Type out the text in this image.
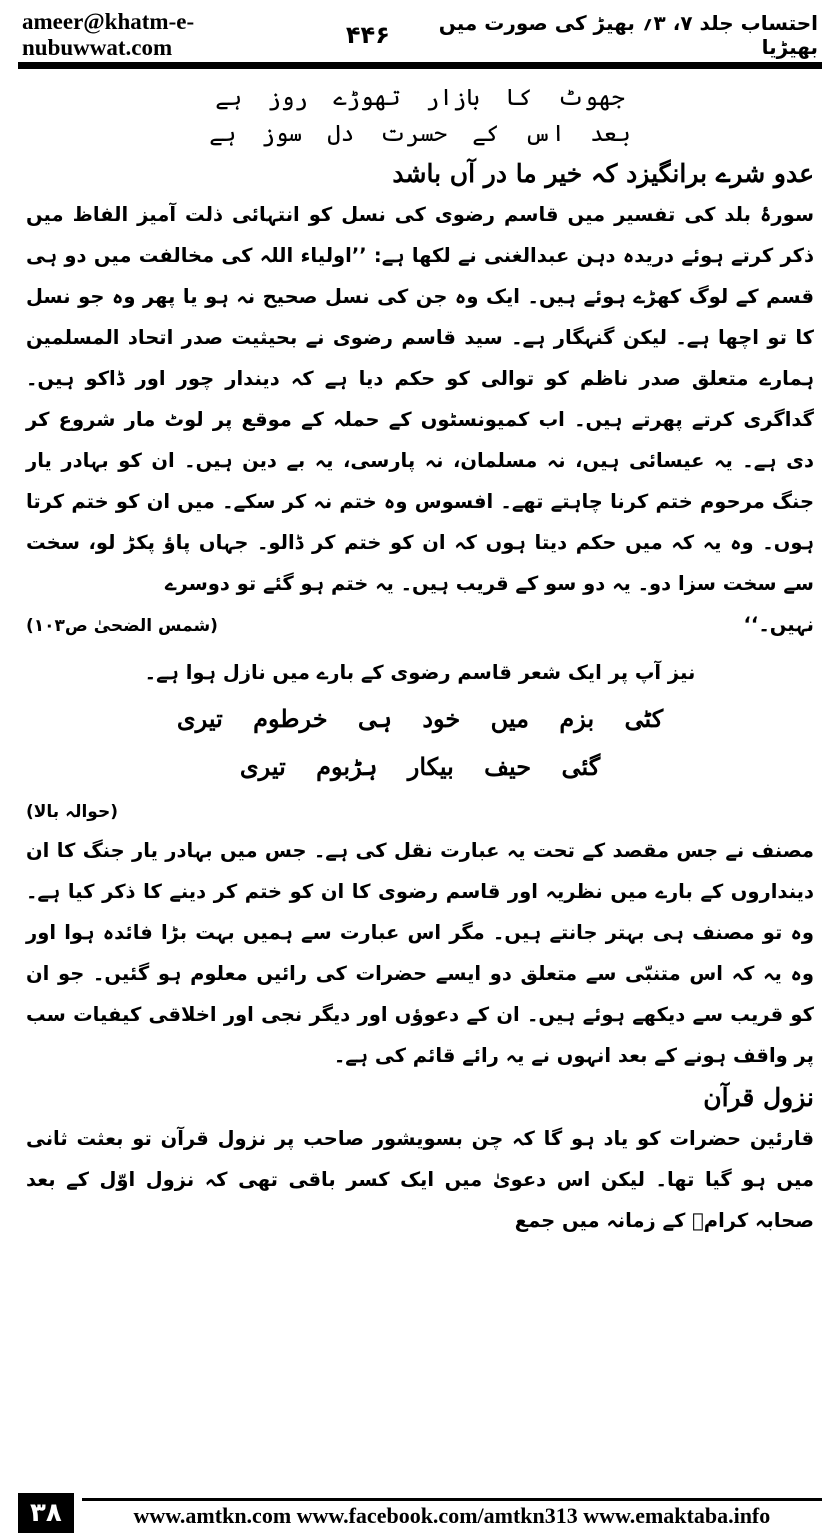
ameer@khatm-e-nubuwwat.com	۴۴۶	احتساب جلد ۷، ۳؍ بھیڑ کی صورت میں بھیڑیا

جھوٹ کا بازار تھوڑے روز ہے

بعد اس کے حسرت دل سوز ہے

عدو شرے برانگیزد کہ خیر ما در آں باشد

سورۂ بلد کی تفسیر میں قاسم رضوی کی نسل کو انتہائی ذلت آمیز الفاظ میں ذکر کرتے ہوئے دریدہ دہن عبدالغنی نے لکھا ہے: ’’اولیاء اللہ کی مخالفت میں دو ہی قسم کے لوگ کھڑے ہوئے ہیں۔ ایک وہ جن کی نسل صحیح نہ ہو یا پھر وہ جو نسل کا تو اچھا ہے۔ لیکن گنہگار ہے۔ سید قاسم رضوی نے بحیثیت صدر اتحاد المسلمین ہمارے متعلق صدر ناظم کو توالی کو حکم دیا ہے کہ دیندار چور اور ڈاکو ہیں۔ گداگری کرتے پھرتے ہیں۔ اب کمیونسٹوں کے حملہ کے موقع پر لوٹ مار شروع کر دی ہے۔ یہ عیسائی ہیں، نہ مسلمان، نہ پارسی، یہ بے دین ہیں۔ ان کو بہادر یار جنگ مرحوم ختم کرنا چاہتے تھے۔ افسوس وہ ختم نہ کر سکے۔ میں ان کو ختم کرتا ہوں۔ وہ یہ کہ میں حکم دیتا ہوں کہ ان کو ختم کر ڈالو۔ جہاں پاؤ پکڑ لو، سخت سے سخت سزا دو۔ یہ دو سو کے قریب ہیں۔ یہ ختم ہو گئے تو دوسرے

نہیں۔‘‘
(شمس الضحیٰ ص۱۰۳)

نیز آپ پر ایک شعر قاسم رضوی کے بارے میں نازل ہوا ہے۔

کٹی بزم میں خود ہی خرطوم تیری

گئی حیف بیکار ہڑبوم تیری

(حوالہ بالا)

مصنف نے جس مقصد کے تحت یہ عبارت نقل کی ہے۔ جس میں بہادر یار جنگ کا ان دینداروں کے بارے میں نظریہ اور قاسم رضوی کا ان کو ختم کر دینے کا ذکر کیا ہے۔ وہ تو مصنف ہی بہتر جانتے ہیں۔ مگر اس عبارت سے ہمیں بہت بڑا فائدہ ہوا اور وہ یہ کہ اس متنبّی سے متعلق دو ایسے حضرات کی رائیں معلوم ہو گئیں۔ جو ان کو قریب سے دیکھے ہوئے ہیں۔ ان کے دعوؤں اور دیگر نجی اور اخلاقی کیفیات سب پر واقف ہونے کے بعد انہوں نے یہ رائے قائم کی ہے۔

نزول قرآن

قارئین حضرات کو یاد ہو گا کہ چن بسویشور صاحب پر نزول قرآن تو بعثت ثانی میں ہو گیا تھا۔ لیکن اس دعویٰ میں ایک کسر باقی تھی کہ نزول اوّل کے بعد صحابہ کرامؓ کے زمانہ میں جمع

۳۸	www.amtkn.com www.facebook.com/amtkn313 www.emaktaba.info
